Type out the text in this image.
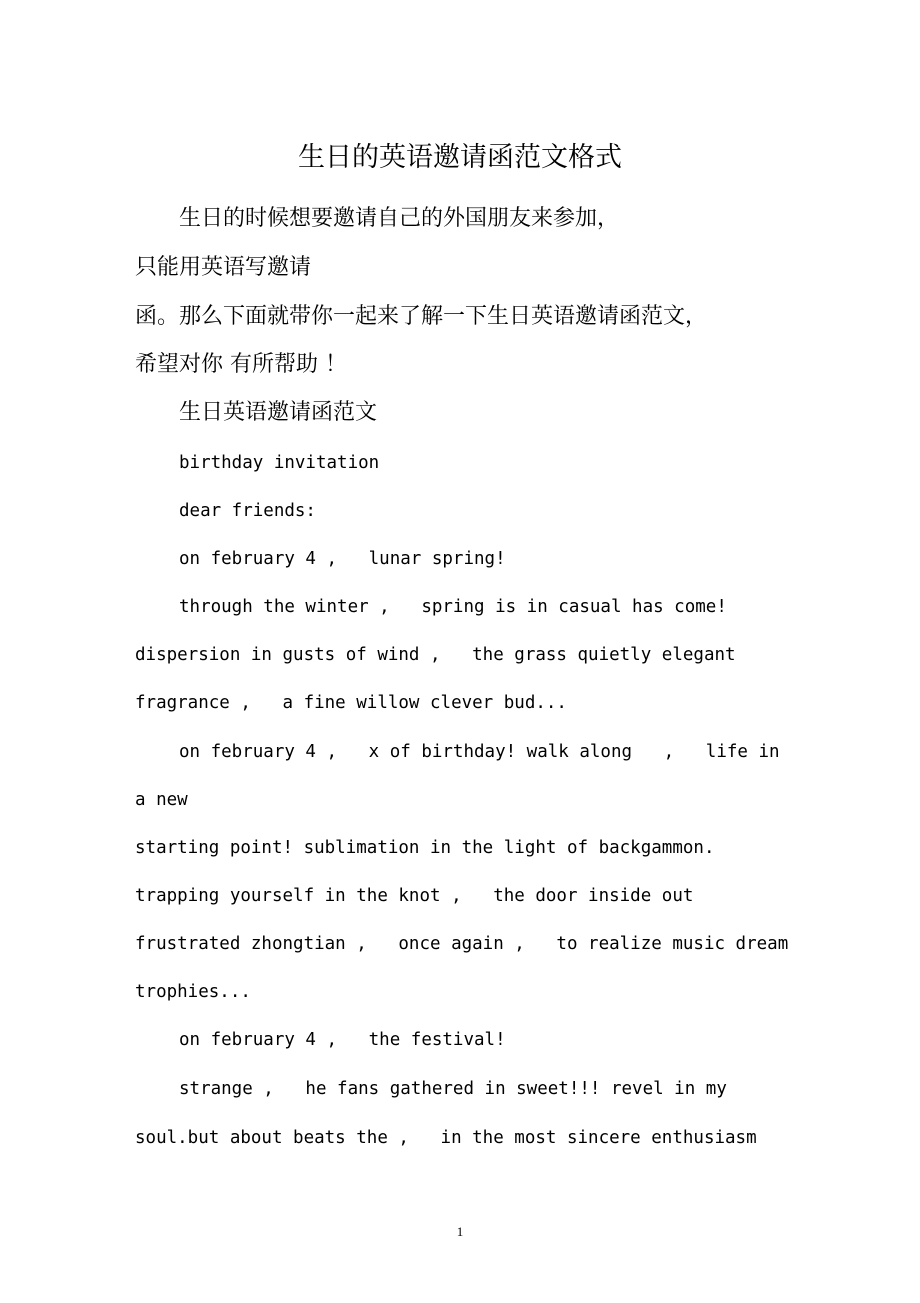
生日的英语邀请函范文格式
生日的时候想要邀请自己的外国朋友来参加，
只能用英语写邀请
函。那么下面就带你一起来了解一下生日英语邀请函范文，
希望对你 有所帮助 ！
生日英语邀请函范文
birthday invitation
dear friends:
on february 4 ,   lunar spring!
through the winter ,   spring is in casual has come!
dispersion in gusts of wind ,   the grass quietly elegant
fragrance ,   a fine willow clever bud...
on february 4 ,   x of birthday! walk along   ,   life in
a new
starting point! sublimation in the light of backgammon.
trapping yourself in the knot ,   the door inside out
frustrated zhongtian ,   once again ,   to realize music dream
trophies...
on february 4 ,   the festival!
strange ,   he fans gathered in sweet!!! revel in my
soul.but about beats the ,   in the most sincere enthusiasm
1
